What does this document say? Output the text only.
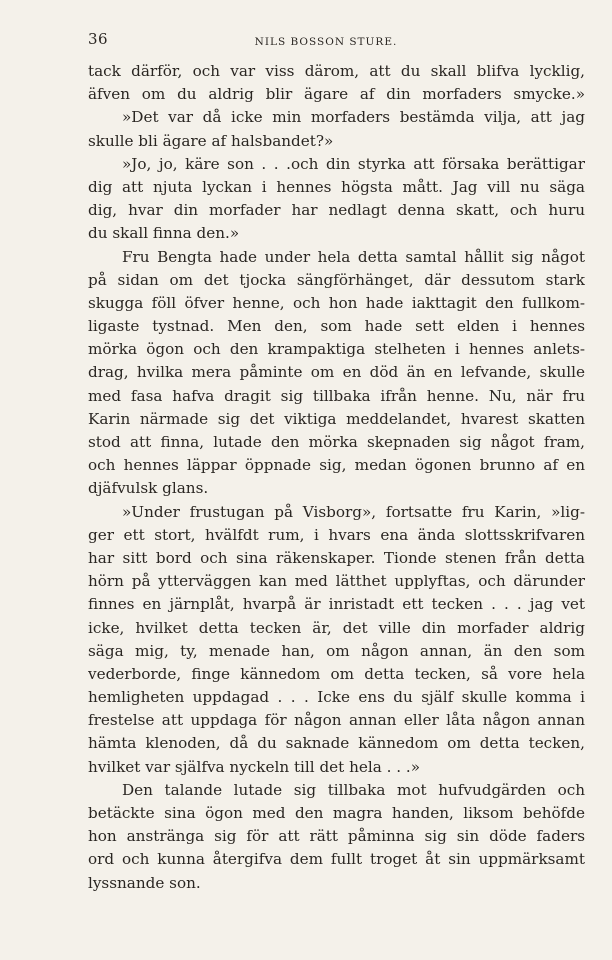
36	NILS BOSSON STURE.
tack därför, och var viss därom, att du skall blifva lycklig,
äfven om du aldrig blir ägare af din morfaders smycke.»
»Det var då icke min morfaders bestämda vilja, att jag
skulle bli ägare af halsbandet?»
»Jo, jo, käre son . . .och din styrka att försaka berättigar
dig att njuta lyckan i hennes högsta mått. Jag vill nu säga
dig, hvar din morfader har nedlagt denna skatt, och huru
du skall finna den.»
Fru Bengta hade under hela detta samtal hållit sig något
på sidan om det tjocka sängförhänget, där dessutom stark
skugga föll öfver henne, och hon hade iakttagit den fullkom-
ligaste tystnad. Men den, som hade sett elden i hennes
mörka ögon och den krampaktiga stelheten i hennes anlets-
drag, hvilka mera påminte om en död än en lefvande, skulle
med fasa hafva dragit sig tillbaka ifrån henne. Nu, när fru
Karin närmade sig det viktiga meddelandet, hvarest skatten
stod att finna, lutade den mörka skepnaden sig något fram,
och hennes läppar öppnade sig, medan ögonen brunno af en
djäfvulsk glans.
»Under frustugan på Visborg», fortsatte fru Karin, »lig-
ger ett stort, hvälfdt rum, i hvars ena ända slottsskrifvaren
har sitt bord och sina räkenskaper. Tionde stenen från detta
hörn på ytterväggen kan med lätthet upplyftas, och därunder
finnes en järnplåt, hvarpå är inristadt ett tecken . . . jag vet
icke, hvilket detta tecken är, det ville din morfader aldrig
säga mig, ty, menade han, om någon annan, än den som
vederborde, finge kännedom om detta tecken, så vore hela
hemligheten uppdagad . . . Icke ens du själf skulle komma i
frestelse att uppdaga för någon annan eller låta någon annan
hämta klenoden, då du saknade kännedom om detta tecken,
hvilket var själfva nyckeln till det hela . . .»
Den talande lutade sig tillbaka mot hufvudgärden och
betäckte sina ögon med den magra handen, liksom behöfde
hon anstränga sig för att rätt påminna sig sin döde faders
ord och kunna återgifva dem fullt troget åt sin uppmärksamt
lyssnande son.
